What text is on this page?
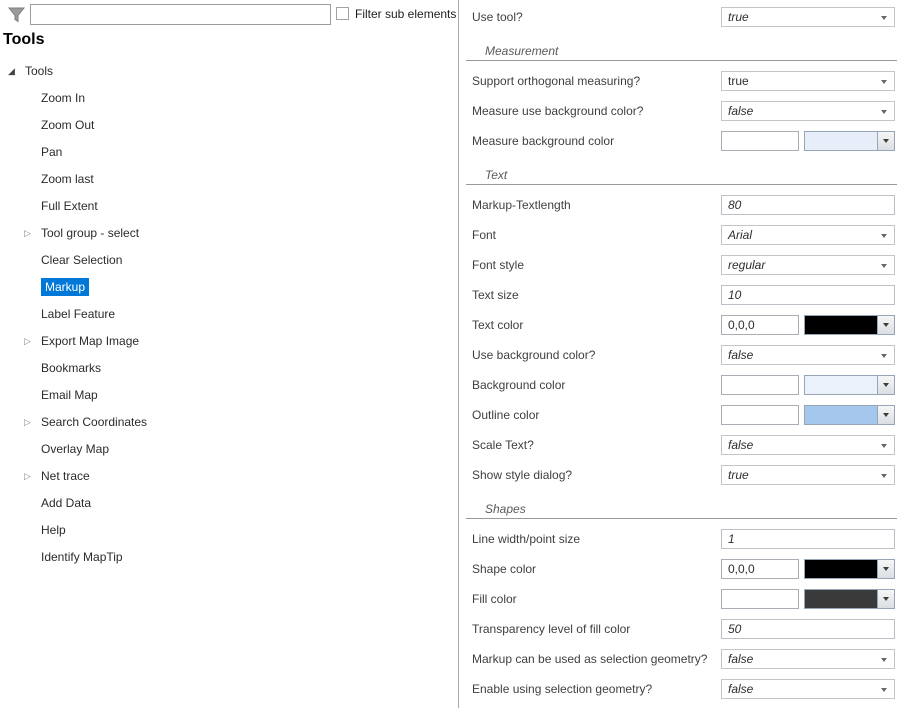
Filter sub elements
Tools
◢ Tools
Zoom In
Zoom Out
Pan
Zoom last
Full Extent
▷ Tool group - select
Clear Selection
Markup
Label Feature
▷ Export Map Image
Bookmarks
Email Map
▷ Search Coordinates
Overlay Map
▷ Net trace
Add Data
Help
Identify MapTip
Use tool?	true
Measurement
Support orthogonal measuring?	true
Measure use background color?	false
Measure background color
Text
Markup-Textlength	80
Font	Arial
Font style	regular
Text size	10
Text color	0,0,0
Use background color?	false
Background color
Outline color
Scale Text?	false
Show style dialog?	true
Shapes
Line width/point size	1
Shape color	0,0,0
Fill color
Transparency level of fill color	50
Markup can be used as selection geometry? false
Enable using selection geometry?	false
